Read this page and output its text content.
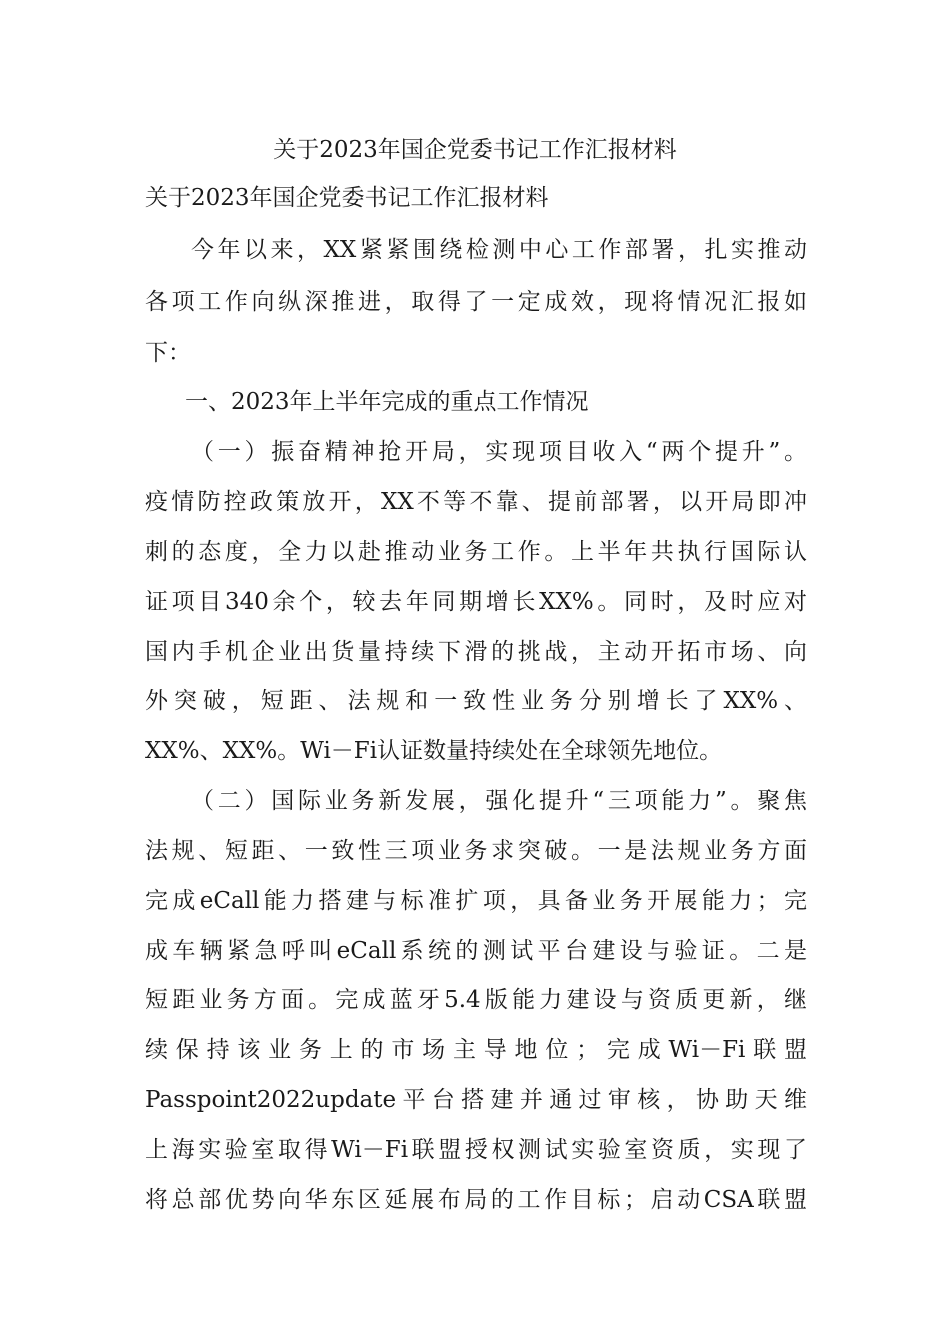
关于2023年国企党委书记工作汇报材料
关于2023年国企党委书记工作汇报材料
今年以来，XX紧紧围绕检测中心工作部署，扎实推动
各项工作向纵深推进，取得了一定成效，现将情况汇报如
下：
一、2023年上半年完成的重点工作情况
（一）振奋精神抢开局，实现项目收入“两个提升”。
疫情防控政策放开，XX不等不靠、提前部署，以开局即冲
刺的态度，全力以赴推动业务工作。上半年共执行国际认
证项目340余个，较去年同期增长XX%。同时，及时应对
国内手机企业出货量持续下滑的挑战，主动开拓市场、向
外突破，短距、法规和一致性业务分别增长了XX%、
XX%、XX%。Wi－Fi认证数量持续处在全球领先地位。
（二）国际业务新发展，强化提升“三项能力”。聚焦
法规、短距、一致性三项业务求突破。一是法规业务方面
完成eCall能力搭建与标准扩项，具备业务开展能力；完
成车辆紧急呼叫eCall系统的测试平台建设与验证。二是
短距业务方面。完成蓝牙5.4版能力建设与资质更新，继
续保持该业务上的市场主导地位；完成Wi－Fi联盟
Passpoint2022update平台搭建并通过审核，协助天维
上海实验室取得Wi－Fi联盟授权测试实验室资质，实现了
将总部优势向华东区延展布局的工作目标；启动CSA联盟
